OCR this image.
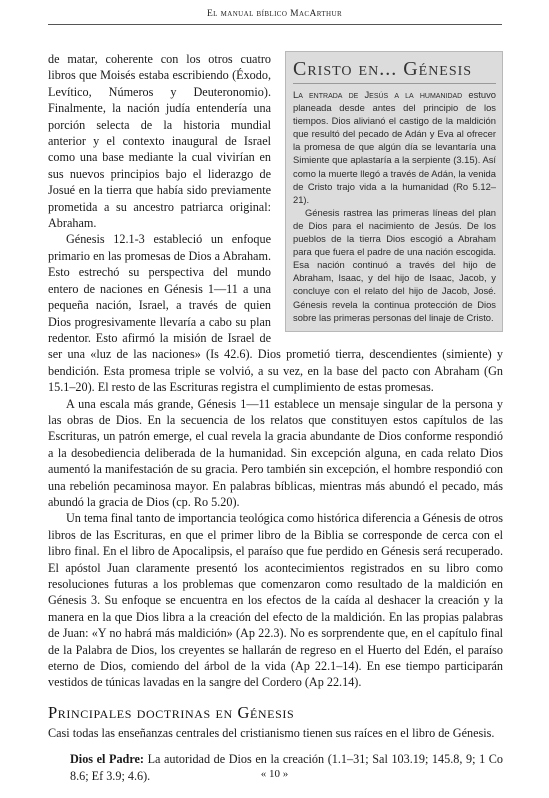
El manual bíblico MacArthur
Cristo en... Génesis

La entrada de Jesús a la humanidad estuvo planeada desde antes del principio de los tiempos. Dios alivianó el castigo de la maldición que resultó del pecado de Adán y Eva al ofrecer la promesa de que algún día se levantaría una Simiente que aplastaría a la serpiente (3.15). Así como la muerte llegó a través de Adán, la venida de Cristo trajo vida a la humanidad (Ro 5.12–21).

Génesis rastrea las primeras líneas del plan de Dios para el nacimiento de Jesús. De los pueblos de la tierra Dios escogió a Abraham para que fuera el padre de una nación escogida. Esa nación continuó a través del hijo de Abraham, Isaac, y del hijo de Isaac, Jacob, y concluye con el relato del hijo de Jacob, José. Génesis revela la continua protección de Dios sobre las primeras personas del linaje de Cristo.

de matar, coherente con los otros cuatro libros que Moisés estaba escribiendo (Éxodo, Levítico, Números y Deuteronomio). Finalmente, la nación judía entendería una porción selecta de la historia mundial anterior y el contexto inaugural de Israel como una base mediante la cual vivirían en sus nuevos principios bajo el liderazgo de Josué en la tierra que había sido previamente prometida a su ancestro patriarca original: Abraham.

Génesis 12.1-3 estableció un enfoque primario en las promesas de Dios a Abraham. Esto estrechó su perspectiva del mundo entero de naciones en Génesis 1—11 a una pequeña nación, Israel, a través de quien Dios progresivamente llevaría a cabo su plan redentor. Esto afirmó la misión de Israel de ser una «luz de las naciones» (Is 42.6). Dios prometió tierra, descendientes (simiente) y bendición. Esta promesa triple se volvió, a su vez, en la base del pacto con Abraham (Gn 15.1–20). El resto de las Escrituras registra el cumplimiento de estas promesas.

A una escala más grande, Génesis 1—11 establece un mensaje singular de la persona y las obras de Dios. En la secuencia de los relatos que constituyen estos capítulos de las Escrituras, un patrón emerge, el cual revela la gracia abundante de Dios conforme respondió a la desobediencia deliberada de la humanidad. Sin excepción alguna, en cada relato Dios aumentó la manifestación de su gracia. Pero también sin excepción, el hombre respondió con una rebelión pecaminosa mayor. En palabras bíblicas, mientras más abundó el pecado, más abundó la gracia de Dios (cp. Ro 5.20).

Un tema final tanto de importancia teológica como histórica diferencia a Génesis de otros libros de las Escrituras, en que el primer libro de la Biblia se corresponde de cerca con el libro final. En el libro de Apocalipsis, el paraíso que fue perdido en Génesis será recuperado. El apóstol Juan claramente presentó los acontecimientos registrados en su libro como resoluciones futuras a los problemas que comenzaron como resultado de la maldición en Génesis 3. Su enfoque se encuentra en los efectos de la caída al deshacer la creación y la manera en la que Dios libra a la creación del efecto de la maldición. En las propias palabras de Juan: «Y no habrá más maldición» (Ap 22.3). No es sorprendente que, en el capítulo final de la Palabra de Dios, los creyentes se hallarán de regreso en el Huerto del Edén, el paraíso eterno de Dios, comiendo del árbol de la vida (Ap 22.1–14). En ese tiempo participarán vestidos de túnicas lavadas en la sangre del Cordero (Ap 22.14).

Principales doctrinas en Génesis

Casi todas las enseñanzas centrales del cristianismo tienen sus raíces en el libro de Génesis.

Dios el Padre: La autoridad de Dios en la creación (1.1–31; Sal 103.19; 145.8, 9; 1 Co 8.6; Ef 3.9; 4.6).	« 10 »
